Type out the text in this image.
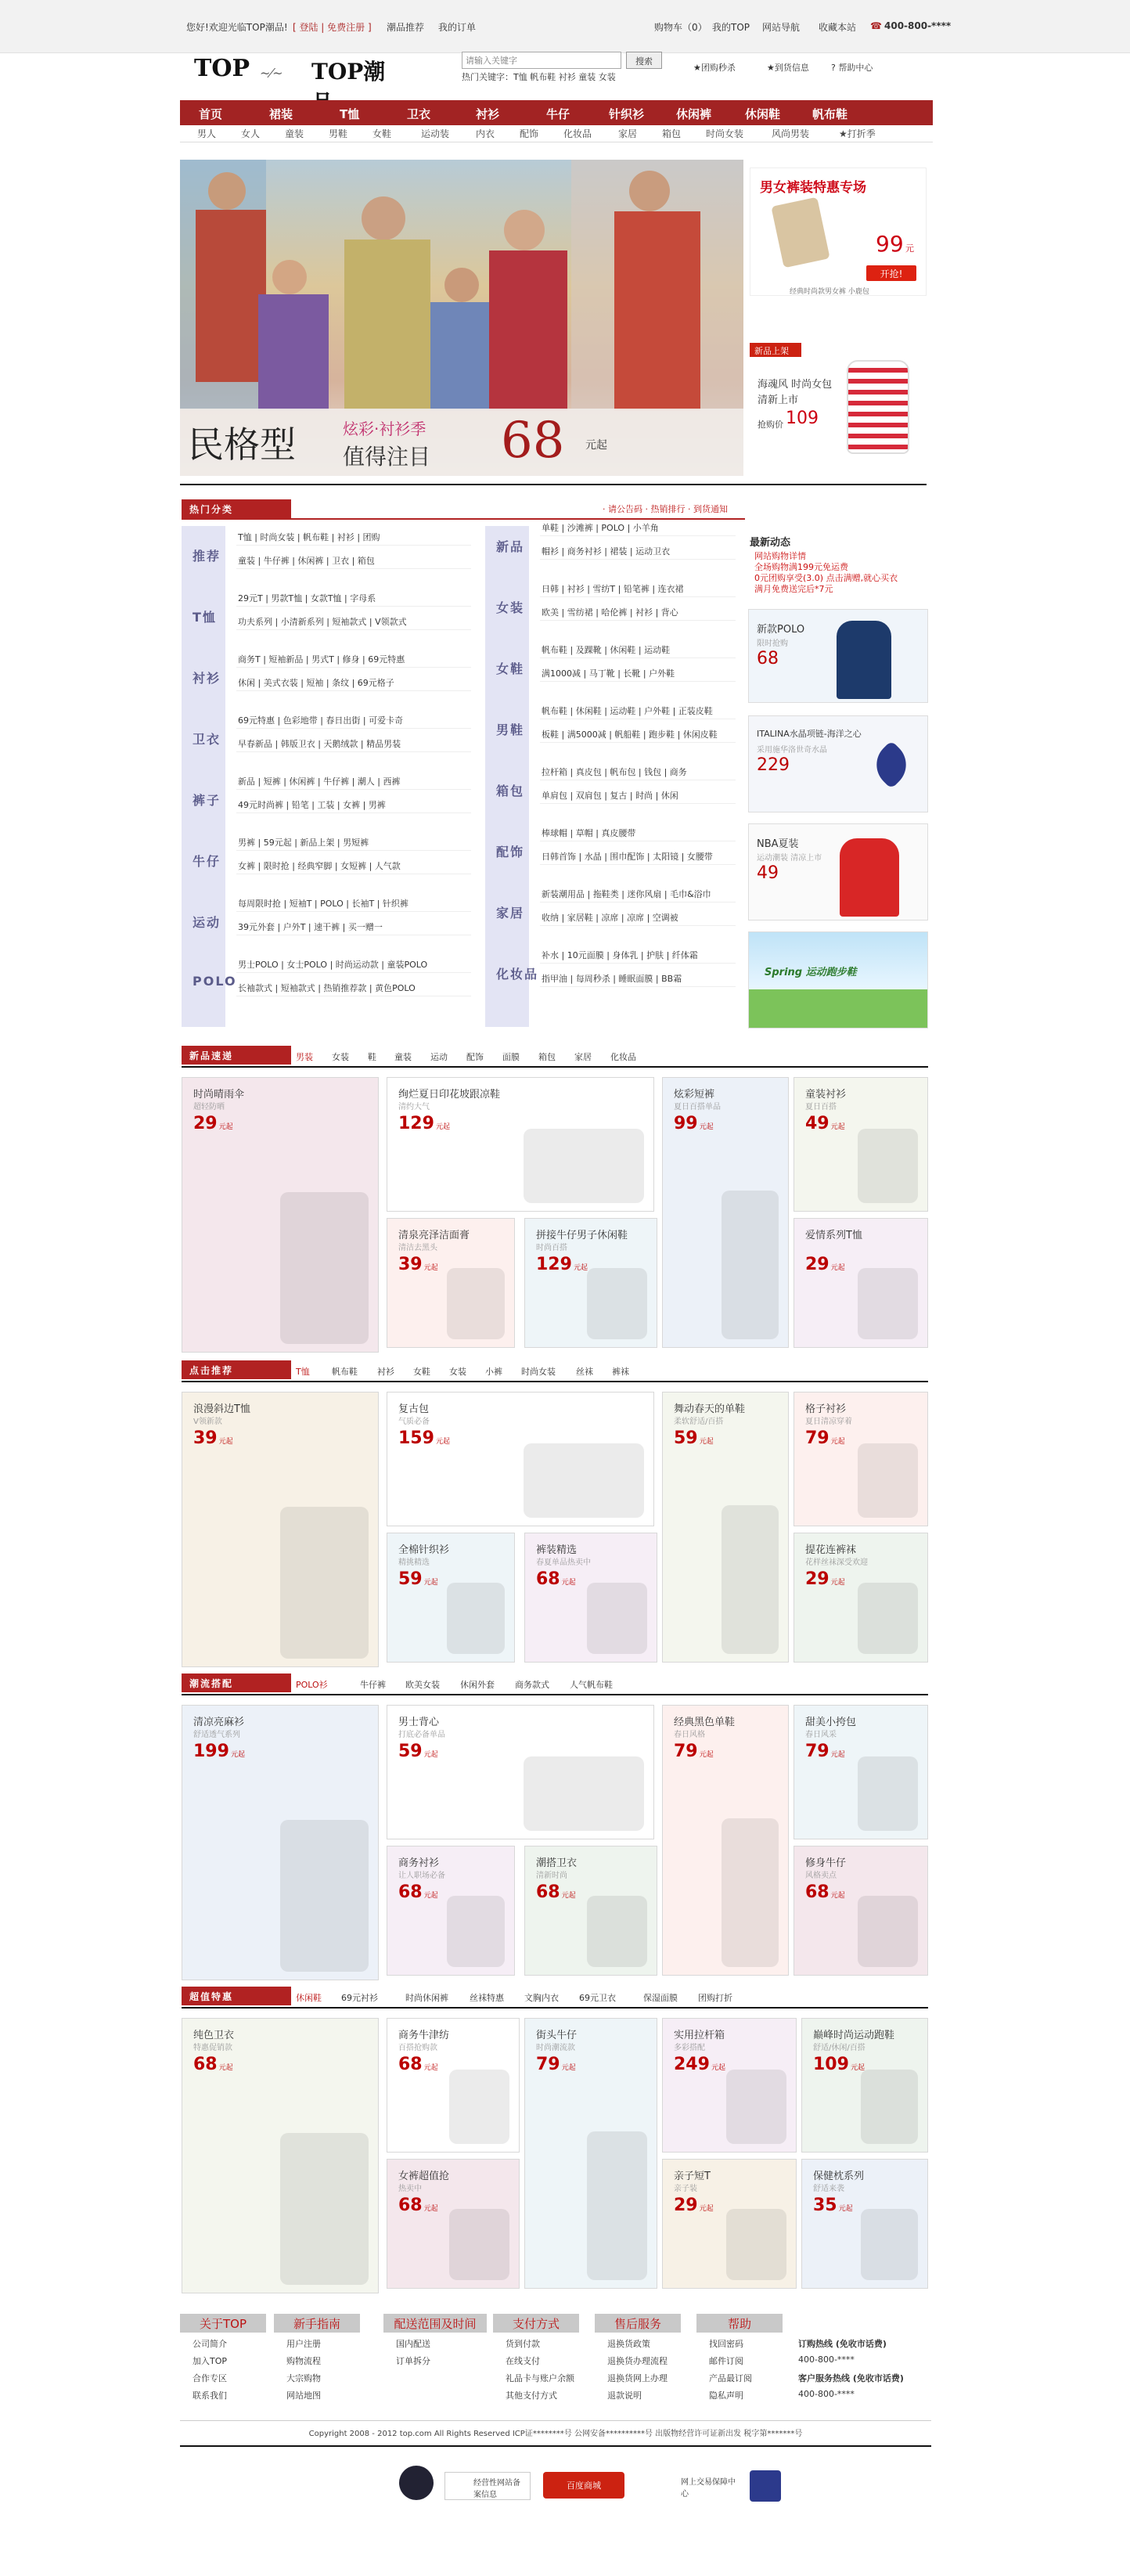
您好!欢迎光临TOP潮品! [ 登陆 | 免费注册 ] 潮品推荐 我的订单	购物车（0） 我的TOP 网站导航 收藏本站 ☎ 400-800-****
TOP ~⁄~ TOP潮
请输入关键字	搜索
热门关键字：T恤 帆布鞋 衬衫 童装 女装
★团购秒杀	★到货信息	? 帮助中心
首页	裙装	T恤	卫衣	衬衫	牛仔	针织衫	休闲裤	休闲鞋	帆布鞋
男人	女人	童装	男鞋	女鞋	运动装	内衣	配饰	化妆品	家居	箱包	时尚女装	风尚男装	★打折季
民格型	炫彩·衬衫季
值得注目 68 元起
男女裤装特惠专场
99 元
开抢!
经典时尚款男女裤 小鹿包
新品上架
海魂风 时尚女包
清新上市
抢购价 109
热门分类	· 请公告码 · 热销排行 · 到货通知
推荐
T恤 | 时尚女装 | 帆布鞋 | 衬衫 | 团购
童装 | 牛仔裤 | 休闲裤 | 卫衣 | 箱包
T恤
29元T | 男款T恤 | 女款T恤 | 字母系
功夫系列 | 小清新系列 | 短袖款式 | V领款式
衬衫
商务T | 短袖新品 | 男式T | 修身 | 69元特惠
休闲 | 美式衣装 | 短袖 | 条纹 | 69元格子
卫衣
69元特惠 | 色彩地带 | 春日出街 | 可爱卡奇
早春新品 | 韩版卫衣 | 天鹅绒款 | 精品男装
裤子
新品 | 短裤 | 休闲裤 | 牛仔裤 | 潮人 | 西裤
49元时尚裤 | 铅笔 | 工装 | 女裤 | 男裤
牛仔
男裤 | 59元起 | 新品上架 | 男短裤
女裤 | 限时抢 | 经典窄脚 | 女短裤 | 人气款
运动
每周限时抢 | 短袖T | POLO | 长袖T | 针织裤
39元外套 | 户外T | 速干裤 | 买一赠一
POLO
男士POLO | 女士POLO | 时尚运动款 | 童装POLO
长袖款式 | 短袖款式 | 热销推荐款 | 黄色POLO
新品
单鞋 | 沙滩裤 | POLO | 小羊角
帽衫 | 商务衬衫 | 裙装 | 运动卫衣
女装
日韩 | 衬衫 | 雪纺T | 铅笔裤 | 连衣裙
欧美 | 雪纺裙 | 哈伦裤 | 衬衫 | 背心
女鞋
帆布鞋 | 及踝靴 | 休闲鞋 | 运动鞋
满1000减 | 马丁靴 | 长靴 | 户外鞋
男鞋
帆布鞋 | 休闲鞋 | 运动鞋 | 户外鞋 | 正装皮鞋
板鞋 | 满5000减 | 帆船鞋 | 跑步鞋 | 休闲皮鞋
箱包
拉杆箱 | 真皮包 | 帆布包 | 钱包 | 商务
单肩包 | 双肩包 | 复古 | 时尚 | 休闲
配饰
棒球帽 | 草帽 | 真皮腰带
日韩首饰 | 水晶 | 围巾配饰 | 太阳镜 | 女腰带
家居
新装潮用品 | 拖鞋类 | 迷你风扇 | 毛巾&浴巾
收纳 | 家居鞋 | 凉席 | 凉席 | 空调被
化妆品
补水 | 10元面膜 | 身体乳 | 护肤 | 纤体霜
指甲油 | 每周秒杀 | 睡眠面膜 | BB霜
最新动态
网站购物详情
全场购物满199元免运费
0元团购享受(3.0) 点击满赠,就心买衣
满月免费送完后*7元
新款POLO
限时抢购
68
ITALINA水晶项链-海洋之心
采用施华洛世奇水晶
229
NBA夏装
运动潮装 清凉上市
49
Spring 运动跑步鞋
新品速递	男装 女装 鞋 童装 运动 配饰 面膜 箱包 家居 化妆品
时尚晴雨伞
超轻防晒
29 元起
绚烂夏日印花坡跟凉鞋
清约大气
129 元起
炫彩短裤
夏日百搭单品
99 元起
童装衬衫
夏日百搭
49 元起
清泉亮泽洁面膏
清洁去黑头
39 元起
拼接牛仔男子休闲鞋
时尚百搭
129 元起
爱情系列T恤
29 元起
点击推荐	T恤	帆布鞋 衬衫 女鞋 女装 小裤 时尚女装 丝袜 裤袜
浪漫斜边T恤
V领新款
39 元起
复古包
气质必备
159 元起
舞动春天的单鞋
柔软舒适/百搭
59 元起
格子衬衫
夏日清凉穿着
79 元起
全棉针织衫
精挑精选
59 元起
裤装精选
春夏单品热卖中
68 元起
提花连裤袜
花样丝袜深受欢迎
29 元起
潮流搭配	POLO衫	牛仔裤 欧美女装 休闲外套 商务款式 人气帆布鞋
清凉亮麻衫
舒适透气系列
199 元起
男士背心
打底必备单品
59 元起
经典黑色单鞋
春日风格
79 元起
甜美小挎包
春日风采
79 元起
商务衬衫
让人职场必备
68 元起
潮搭卫衣
清新时尚
68 元起
修身牛仔
风格卖点
68 元起
超值特惠	休闲鞋 69元衬衫	时尚休闲裤 丝袜特惠 文胸内衣 69元卫衣	保湿面膜 团购打折
纯色卫衣
特惠促销款
68 元起
商务牛津纺
百搭抢购款
68 元起
街头牛仔
时尚潮流款
79 元起
实用拉杆箱
多彩搭配
249 元起
巅峰时尚运动跑鞋
舒适/休闲/百搭
109 元起
女裤超值抢
热卖中
68 元起
亲子短T
亲子装
29 元起
保健枕系列
舒适来袭
35 元起
关于TOP
公司简介
加入TOP
合作专区
联系我们
新手指南
用户注册
购物流程
大宗购物
网站地图
配送范围及时间
国内配送
订单拆分
支付方式
货到付款
在线支付
礼品卡与账户余额
其他支付方式
售后服务
退换货政策
退换货办理流程
退换货网上办理
退款说明
帮助
找回密码
邮件订阅
产品最订阅
隐私声明
订购热线 (免收市话费)
400-800-****
客户服务热线 (免收市话费)
400-800-****
Copyright 2008 - 2012 top.com All Rights Reserved ICP证********号 公网安备**********号 出版物经营许可证新出发 税字第*******号
经营性网站备案信息
百度商城	网上交易保障中心
